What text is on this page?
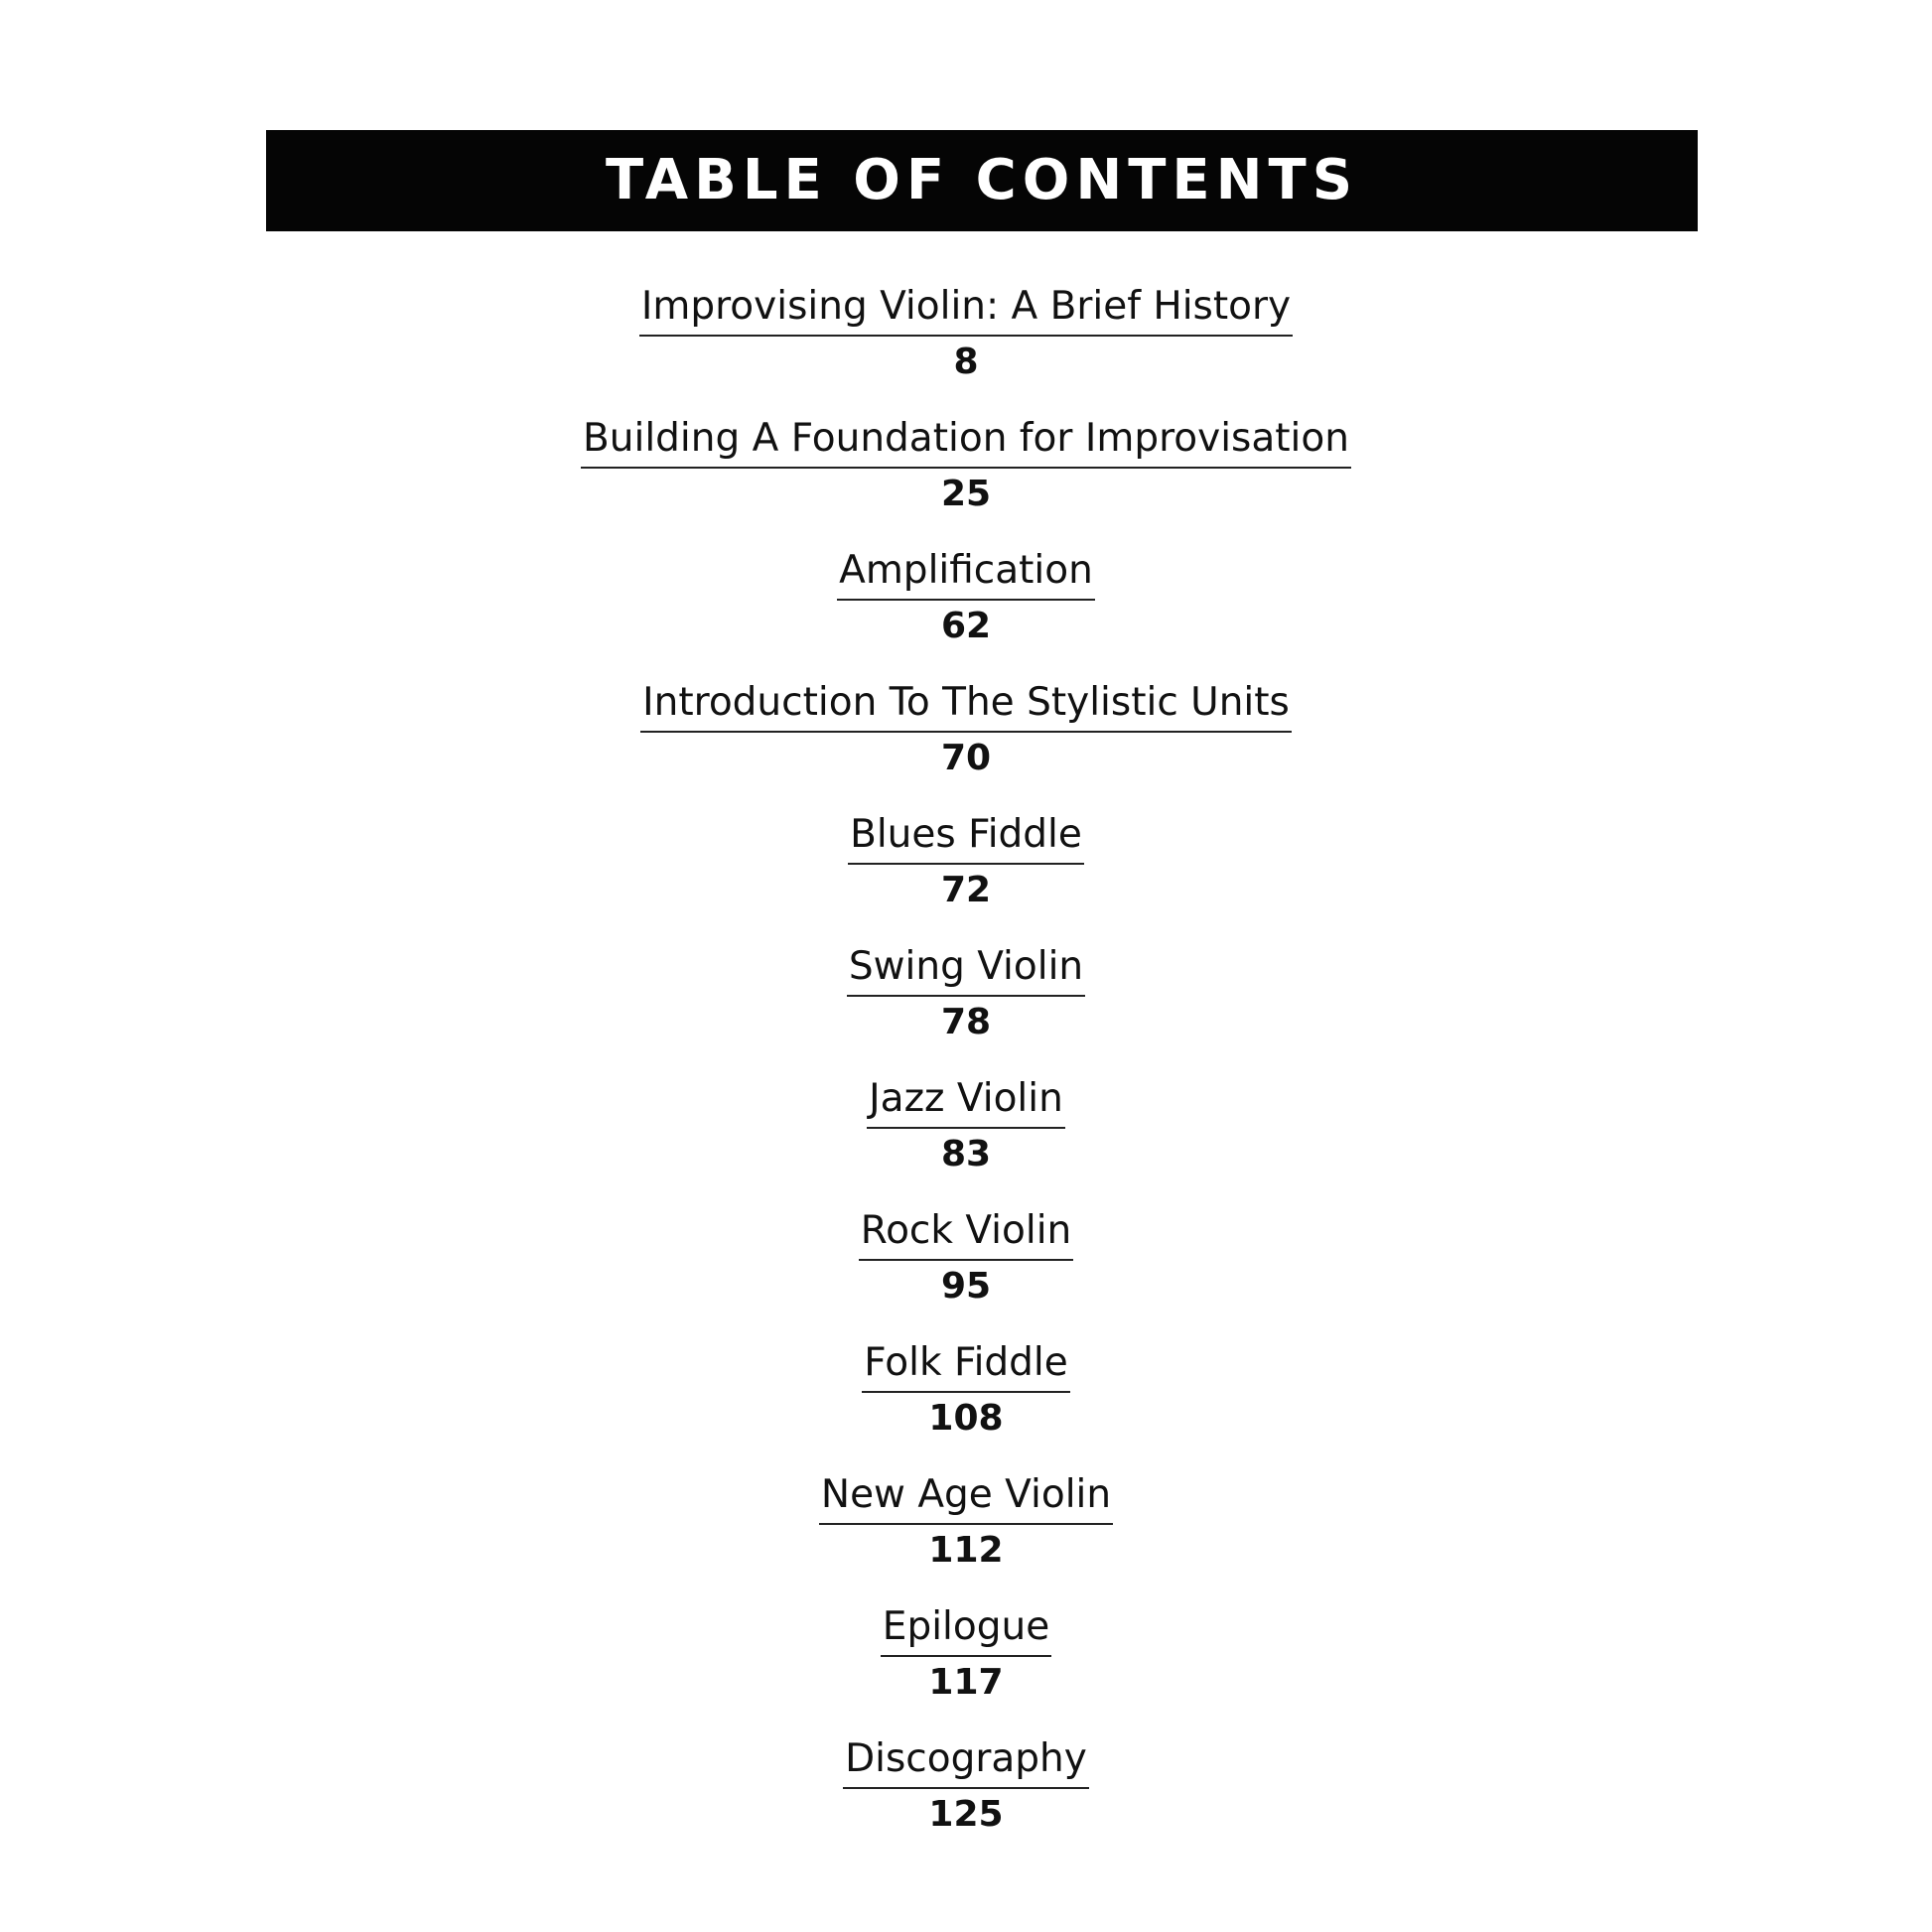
TABLE OF CONTENTS
Improvising Violin: A Brief History
8
Building A Foundation for Improvisation
25
Amplification
62
Introduction To The Stylistic Units
70
Blues Fiddle
72
Swing Violin
78
Jazz Violin
83
Rock Violin
95
Folk Fiddle
108
New Age Violin
112
Epilogue
117
Discography
125
